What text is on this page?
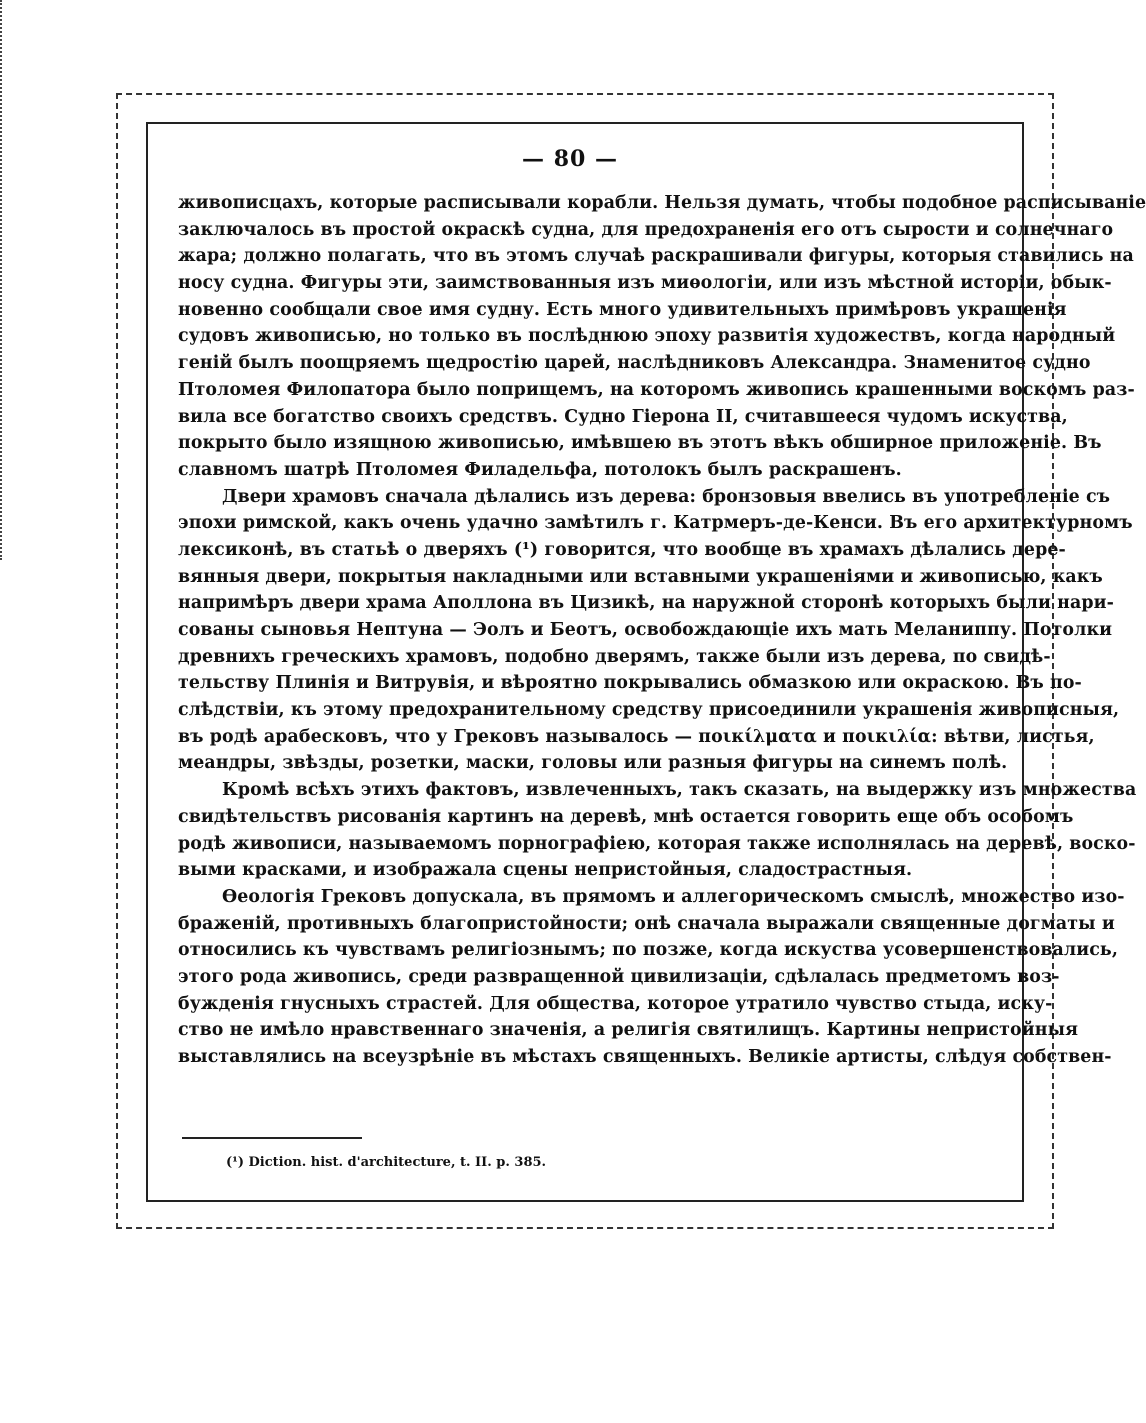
— 80 —
живописцахъ, которые расписывали корабли. Нельзя думать, чтобы подобное расписываніе
заключалось въ простой окраскѣ судна, для предохраненія его отъ сырости и солнечнаго
жара; должно полагать, что въ этомъ случаѣ раскрашивали фигуры, которыя ставились на
носу судна. Фигуры эти, заимствованныя изъ миѳологіи, или изъ мѣстной исторіи, обык-
новенно сообщали свое имя судну. Есть много удивительныхъ примѣровъ украшенія
судовъ живописью, но только въ послѣднюю эпоху развитія художествъ, когда народный
геній былъ поощряемъ щедростію царей, наслѣдниковъ Александра. Знаменитое судно
Птоломея Филопатора было поприщемъ, на которомъ живопись крашенными воскомъ раз-
вила все богатство своихъ средствъ. Судно Гіерона II, считавшееся чудомъ искуства,
покрыто было изящною живописью, имѣвшею въ этотъ вѣкъ обширное приложеніе. Въ
славномъ шатрѣ Птоломея Филадельфа, потолокъ былъ раскрашенъ.
Двери храмовъ сначала дѣлались изъ дерева: бронзовыя ввелись въ употребленіе съ
эпохи римской, какъ очень удачно замѣтилъ г. Катрмеръ-де-Кенси. Въ его архитектурномъ
лексиконѣ, въ статьѣ о дверяхъ (¹) говорится, что вообще въ храмахъ дѣлались дере-
вянныя двери, покрытыя накладными или вставными украшеніями и живописью, какъ
напримѣръ двери храма Аполлона въ Цизикѣ, на наружной сторонѣ которыхъ были нари-
сованы сыновья Нептуна — Эолъ и Беотъ, освобождающіе ихъ мать Меланиппу. Потолки
древнихъ греческихъ храмовъ, подобно дверямъ, также были изъ дерева, по свидѣ-
тельству Плинія и Витрувія, и вѣроятно покрывались обмазкою или окраскою. Въ по-
слѣдствіи, къ этому предохранительному средству присоединили украшенія живописныя,
въ родѣ арабесковъ, что у Грековъ называлось — ποικίλματα и ποικιλία: вѣтви, листья,
меандры, звѣзды, розетки, маски, головы или разныя фигуры на синемъ полѣ.
Кромѣ всѣхъ этихъ фактовъ, извлеченныхъ, такъ сказать, на выдержку изъ множества
свидѣтельствъ рисованія картинъ на деревѣ, мнѣ остается говорить еще объ особомъ
родѣ живописи, называемомъ порнографіею, которая также исполнялась на деревѣ, воско-
выми красками, и изображала сцены непристойныя, сладострастныя.
Ѳеологія Грековъ допускала, въ прямомъ и аллегорическомъ смыслѣ, множество изо-
браженій, противныхъ благопристойности; онѣ сначала выражали священные догматы и
относились къ чувствамъ религіознымъ; по позже, когда искуства усовершенствовались,
этого рода живопись, среди развращенной цивилизаціи, сдѣлалась предметомъ воз-
бужденія гнусныхъ страстей. Для общества, которое утратило чувство стыда, иску-
ство не имѣло нравственнаго значенія, а религія святилищъ. Картины непристойныя
выставлялись на всеузрѣніе въ мѣстахъ священныхъ. Великіе артисты, слѣдуя собствен-
(¹) Diction. hist. d'architecture, t. II. p. 385.
